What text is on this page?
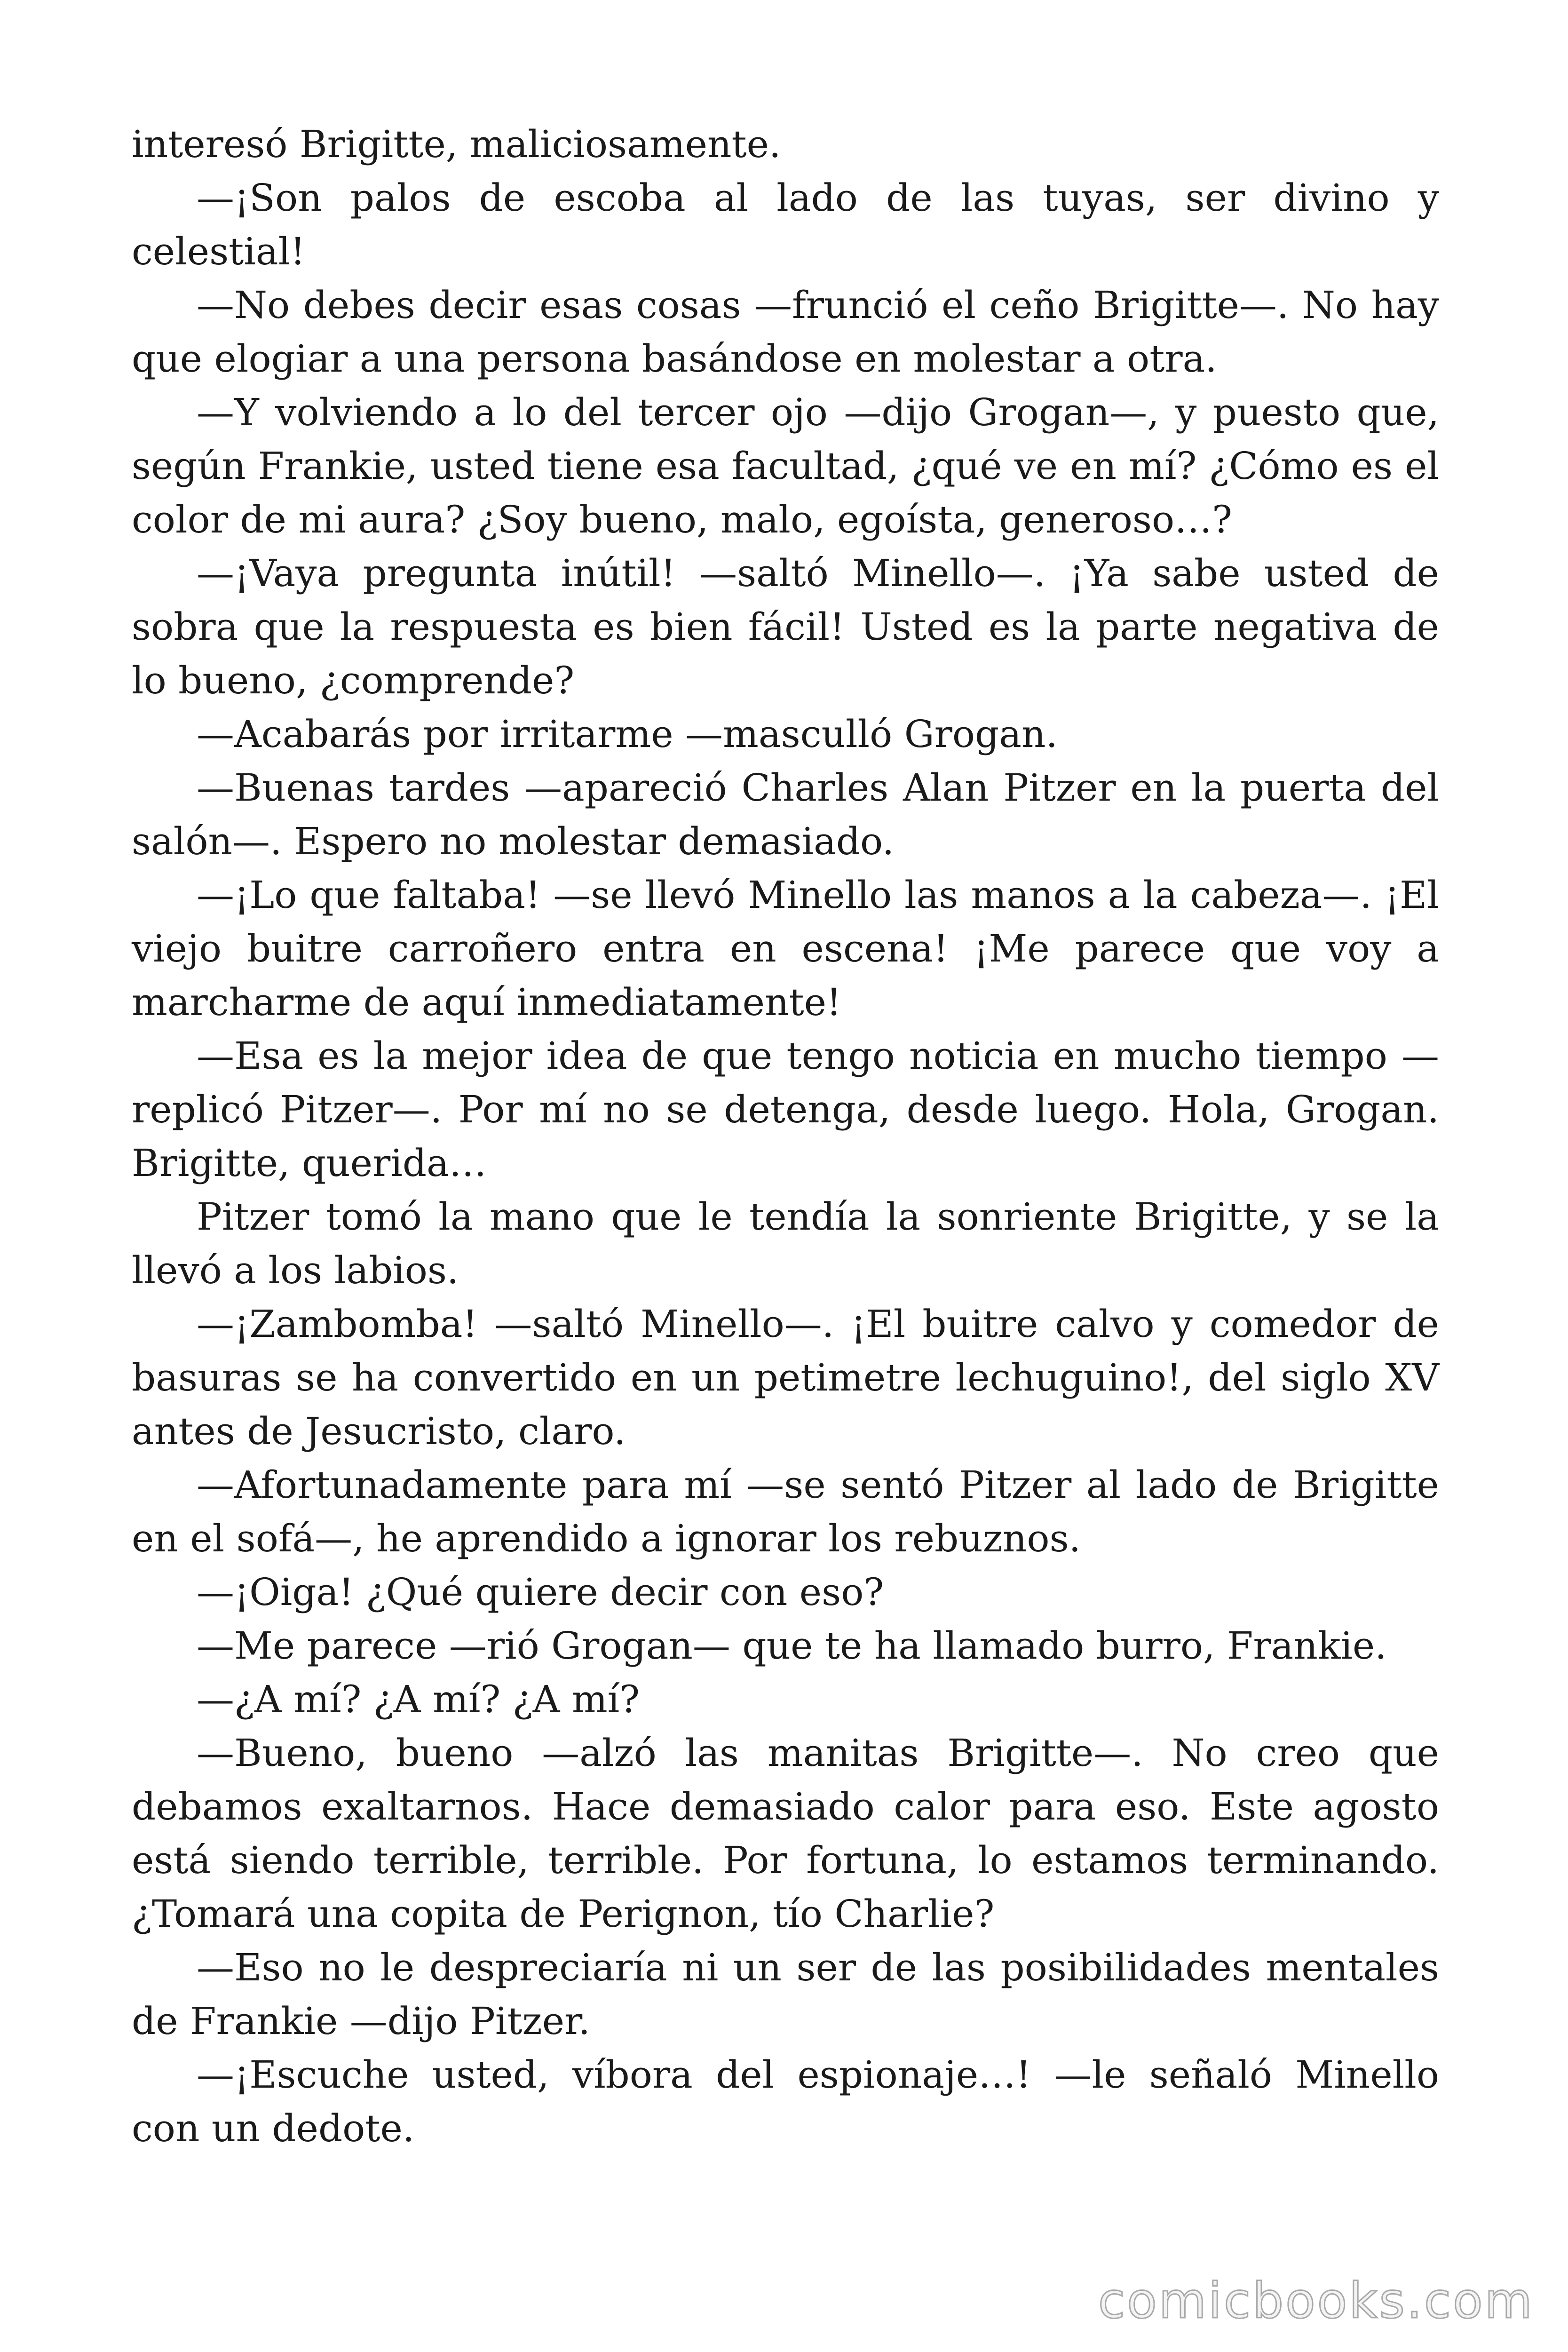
interesó Brigitte, maliciosamente.

—¡Son palos de escoba al lado de las tuyas, ser divino y celestial!

—No debes decir esas cosas —frunció el ceño Brigitte—. No hay que elogiar a una persona basándose en molestar a otra.

—Y volviendo a lo del tercer ojo —dijo Grogan—, y puesto que, según Frankie, usted tiene esa facultad, ¿qué ve en mí? ¿Cómo es el color de mi aura? ¿Soy bueno, malo, egoísta, generoso…?

—¡Vaya pregunta inútil! —saltó Minello—. ¡Ya sabe usted de sobra que la respuesta es bien fácil! Usted es la parte negativa de lo bueno, ¿comprende?

—Acabarás por irritarme —masculló Grogan.

—Buenas tardes —apareció Charles Alan Pitzer en la puerta del salón—. Espero no molestar demasiado.

—¡Lo que faltaba! —se llevó Minello las manos a la cabeza—. ¡El viejo buitre carroñero entra en escena! ¡Me parece que voy a marcharme de aquí inmediatamente!

—Esa es la mejor idea de que tengo noticia en mucho tiempo —replicó Pitzer—. Por mí no se detenga, desde luego. Hola, Grogan. Brigitte, querida…

Pitzer tomó la mano que le tendía la sonriente Brigitte, y se la llevó a los labios.

—¡Zambomba! —saltó Minello—. ¡El buitre calvo y comedor de basuras se ha convertido en un petimetre lechuguino!, del siglo XV antes de Jesucristo, claro.

—Afortunadamente para mí —se sentó Pitzer al lado de Brigitte en el sofá—, he aprendido a ignorar los rebuznos.

—¡Oiga! ¿Qué quiere decir con eso?

—Me parece —rió Grogan— que te ha llamado burro, Frankie.

—¿A mí? ¿A mí? ¿A mí?

—Bueno, bueno —alzó las manitas Brigitte—. No creo que debamos exaltarnos. Hace demasiado calor para eso. Este agosto está siendo terrible, terrible. Por fortuna, lo estamos terminando. ¿Tomará una copita de Perignon, tío Charlie?

—Eso no le despreciaría ni un ser de las posibilidades mentales de Frankie —dijo Pitzer.

—¡Escuche usted, víbora del espionaje…! —le señaló Minello con un dedote.

comicbooks.com
